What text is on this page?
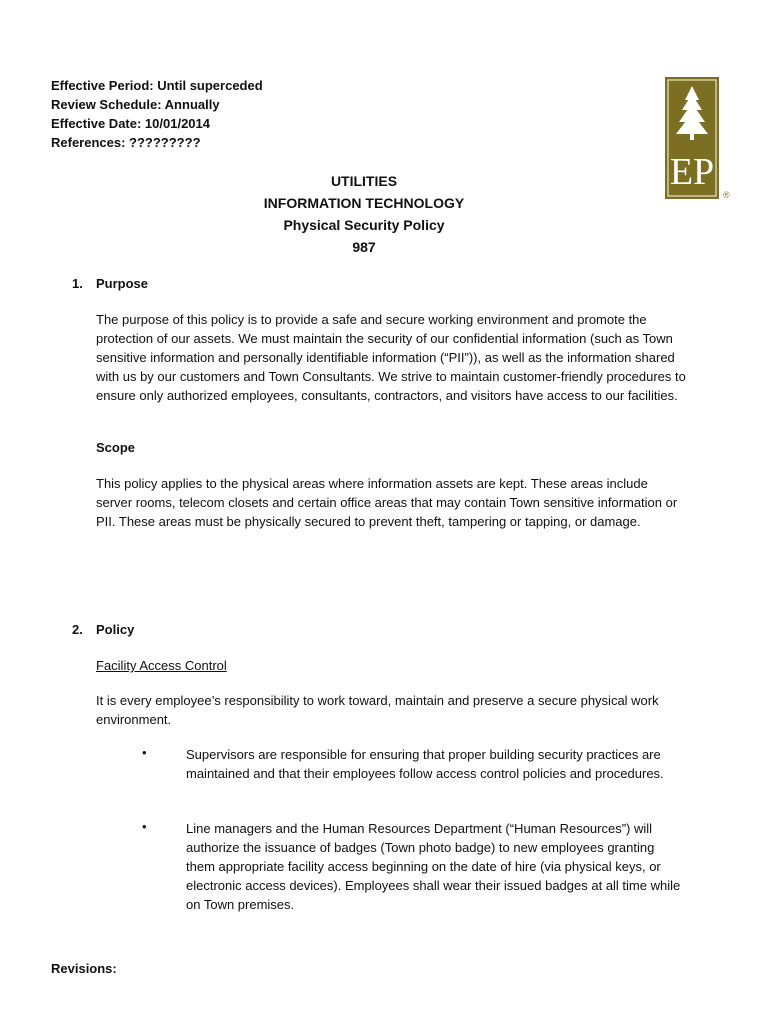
Effective Period: Until superceded
Review Schedule: Annually
Effective Date: 10/01/2014
References: ?????????
EP
®
UTILITIES
INFORMATION TECHNOLOGY
Physical Security Policy
987
1. Purpose
The purpose of this policy is to provide a safe and secure working environment and promote the protection of our assets. We must maintain the security of our confidential information (such as Town sensitive information and personally identifiable information (“PII”)), as well as the information shared with us by our customers and Town Consultants. We strive to maintain customer-friendly procedures to ensure only authorized employees, consultants, contractors, and visitors have access to our facilities.
Scope
This policy applies to the physical areas where information assets are kept. These areas include server rooms, telecom closets and certain office areas that may contain Town sensitive information or PII. These areas must be physically secured to prevent theft, tampering or tapping, or damage.
2. Policy
Facility Access Control
It is every employee’s responsibility to work toward, maintain and preserve a secure physical work environment.
•	Supervisors are responsible for ensuring that proper building security practices are maintained and that their employees follow access control policies and procedures.
•	Line managers and the Human Resources Department (“Human Resources”) will authorize the issuance of badges (Town photo badge) to new employees granting them appropriate facility access beginning on the date of hire (via physical keys, or electronic access devices). Employees shall wear their issued badges at all time while on Town premises.
Revisions:
